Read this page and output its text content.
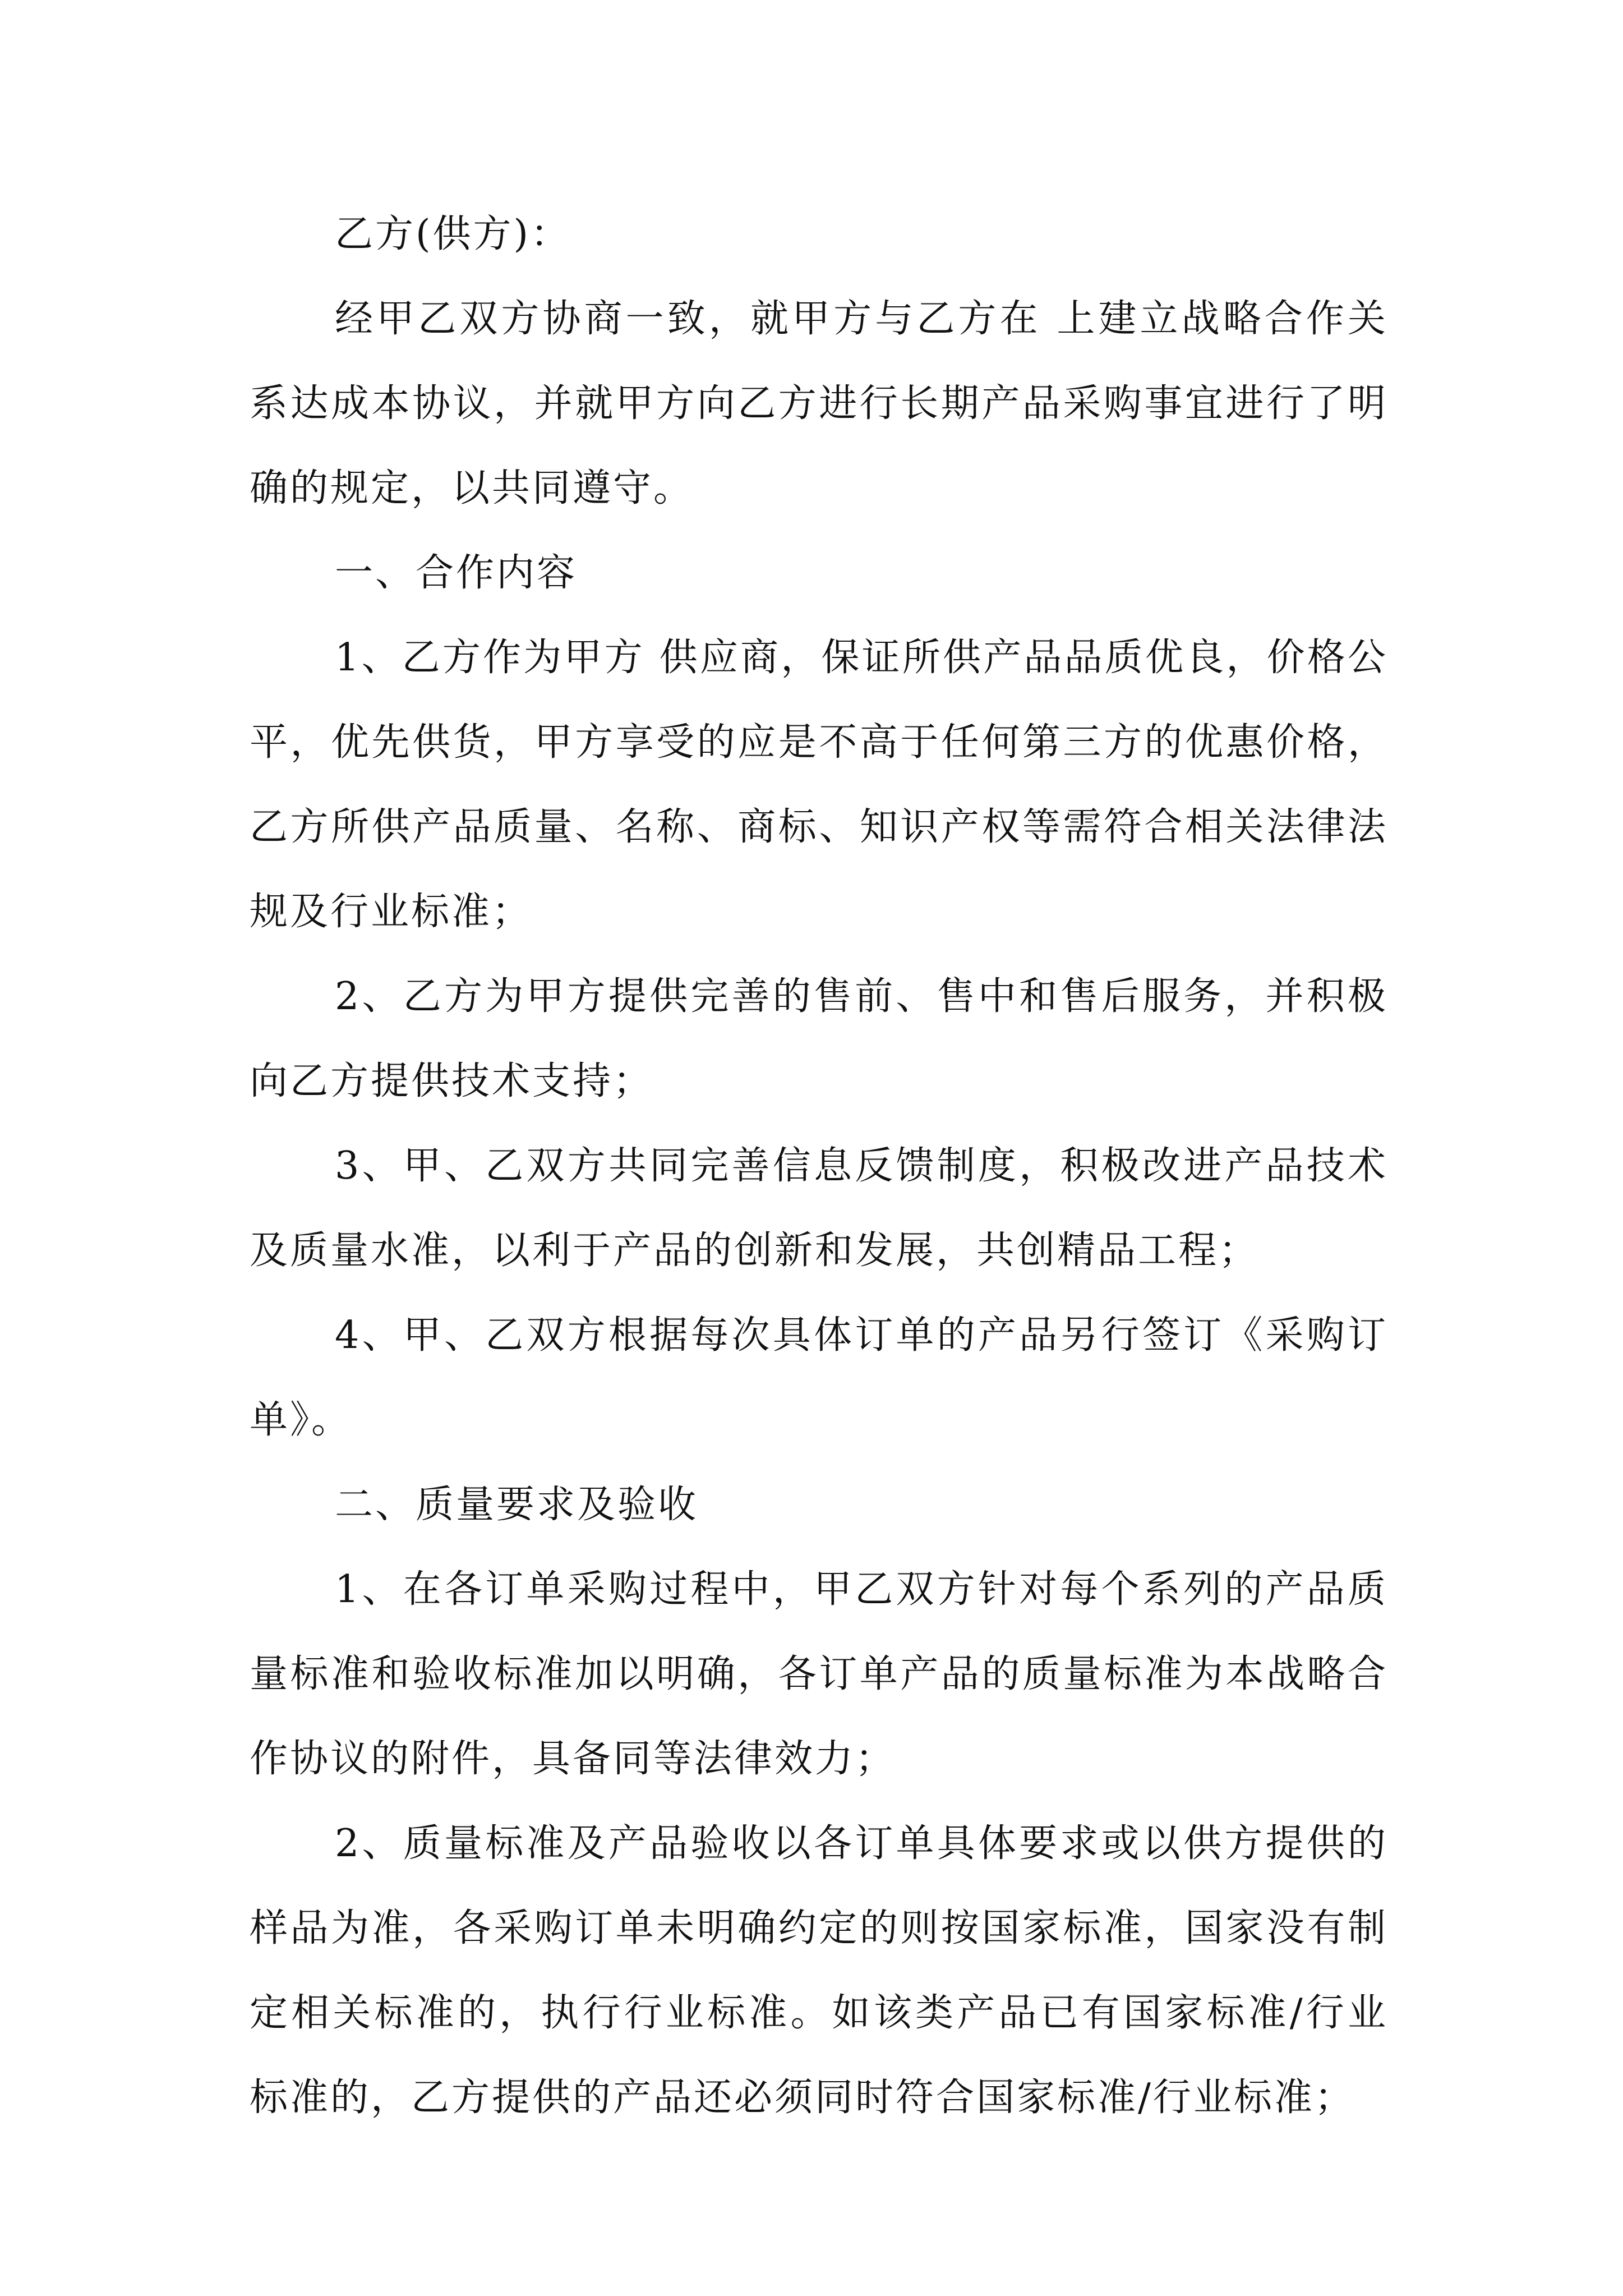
乙方(供方)：

经甲乙双方协商一致，就甲方与乙方在 上建立战略合作关系达成本协议，并就甲方向乙方进行长期产品采购事宜进行了明确的规定，以共同遵守。

一、合作内容

1、乙方作为甲方 供应商，保证所供产品品质优良，价格公平，优先供货，甲方享受的应是不高于任何第三方的优惠价格，乙方所供产品质量、名称、商标、知识产权等需符合相关法律法规及行业标准；

2、乙方为甲方提供完善的售前、售中和售后服务，并积极向乙方提供技术支持；

3、甲、乙双方共同完善信息反馈制度，积极改进产品技术及质量水准，以利于产品的创新和发展，共创精品工程；

4、甲、乙双方根据每次具体订单的产品另行签订《采购订单》。

二、质量要求及验收

1、在各订单采购过程中，甲乙双方针对每个系列的产品质量标准和验收标准加以明确，各订单产品的质量标准为本战略合作协议的附件，具备同等法律效力；

2、质量标准及产品验收以各订单具体要求或以供方提供的样品为准，各采购订单未明确约定的则按国家标准，国家没有制定相关标准的，执行行业标准。如该类产品已有国家标准/行业标准的，乙方提供的产品还必须同时符合国家标准/行业标准；
